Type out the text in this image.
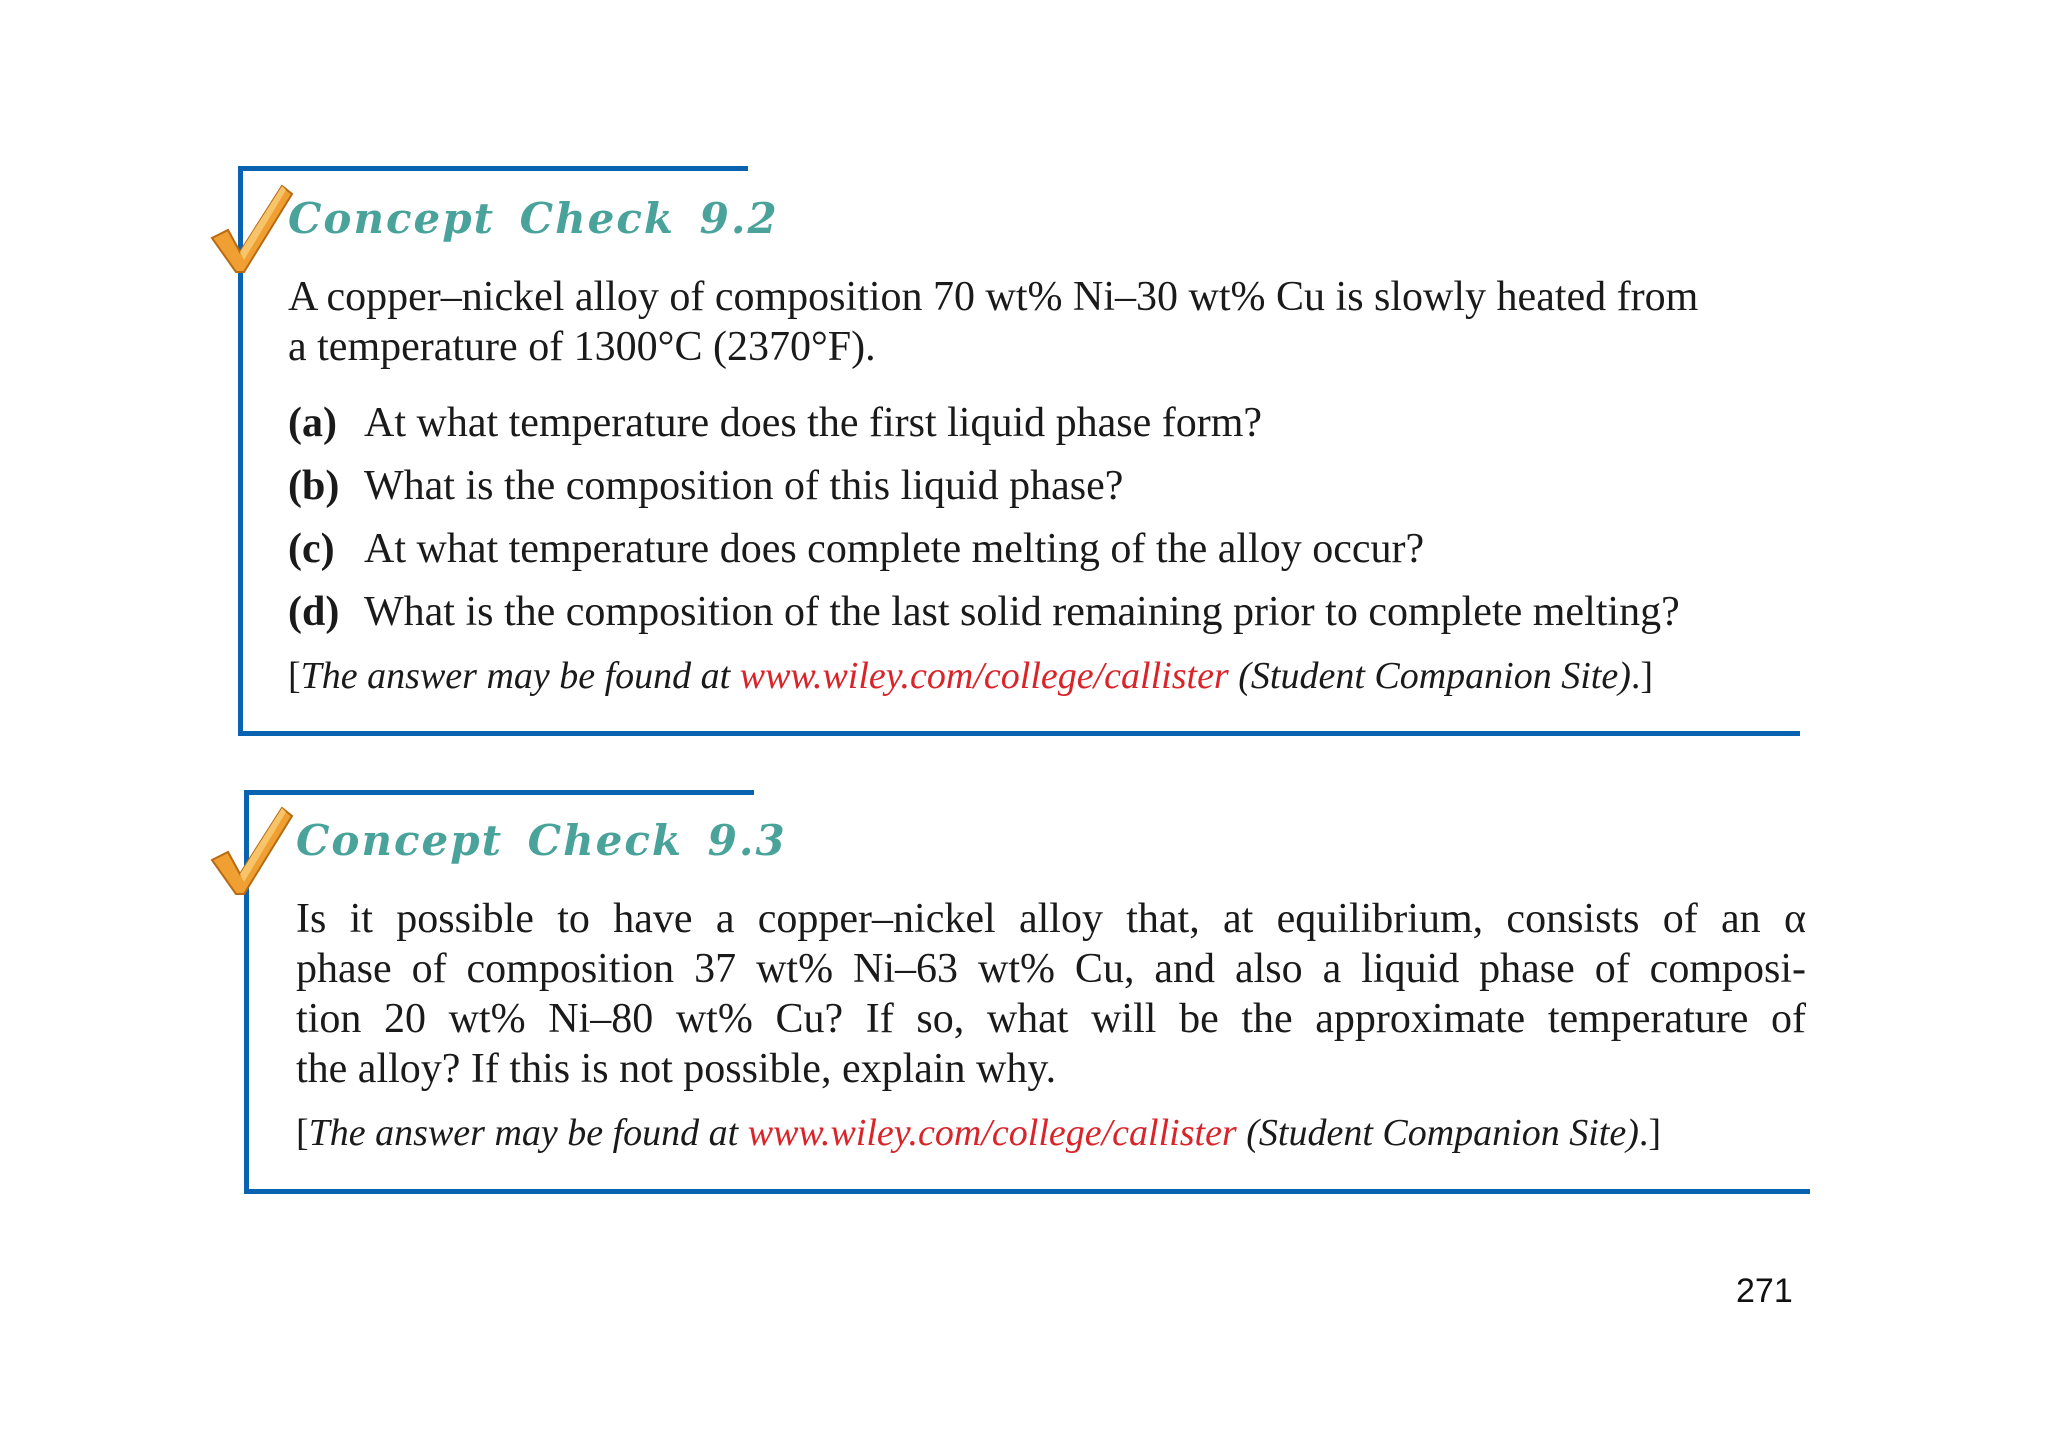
Concept Check 9.2

A copper–nickel alloy of composition 70 wt% Ni–30 wt% Cu is slowly heated from

a temperature of 1300°C (2370°F).

(a) At what temperature does the first liquid phase form?

(b) What is the composition of this liquid phase?

(c) At what temperature does complete melting of the alloy occur?

(d) What is the composition of the last solid remaining prior to complete melting?

[The answer may be found at www.wiley.com/college/callister (Student Companion Site).]

Concept Check 9.3

Is it possible to have a copper–nickel alloy that, at equilibrium, consists of an α

phase of composition 37 wt% Ni–63 wt% Cu, and also a liquid phase of composi-

tion 20 wt% Ni–80 wt% Cu? If so, what will be the approximate temperature of

the alloy? If this is not possible, explain why.

[The answer may be found at www.wiley.com/college/callister (Student Companion Site).]

271
